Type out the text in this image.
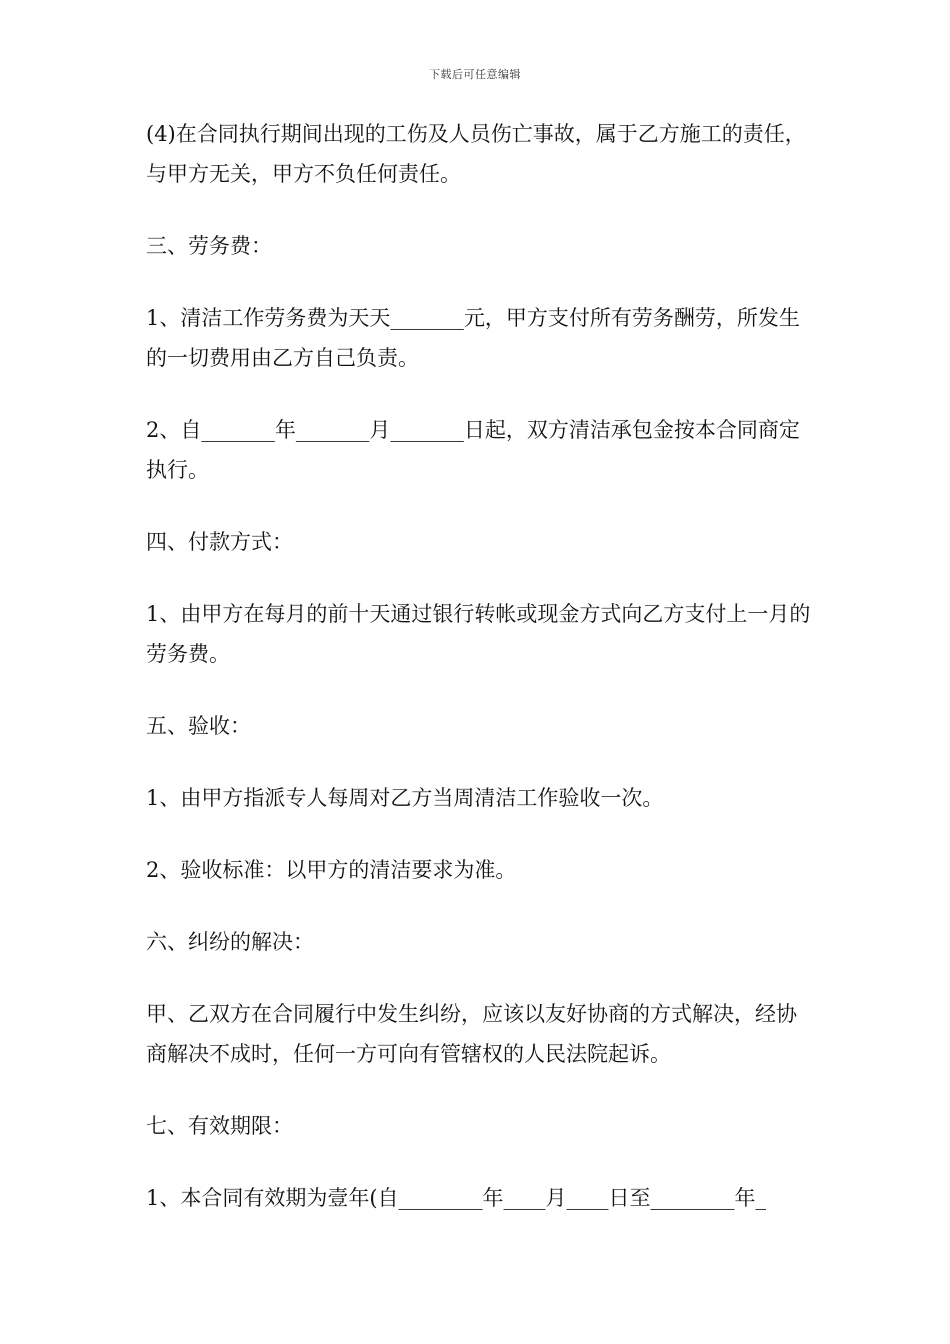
下载后可任意编辑

(4)在合同执行期间出现的工伤及人员伤亡事故，属于乙方施工的责任，与甲方无关，甲方不负任何责任。

三、劳务费：

1、清洁工作劳务费为天天_______元，甲方支付所有劳务酬劳，所发生的一切费用由乙方自己负责。

2、自_______年_______月_______日起，双方清洁承包金按本合同商定执行。

四、付款方式：

1、由甲方在每月的前十天通过银行转帐或现金方式向乙方支付上一月的劳务费。

五、验收：

1、由甲方指派专人每周对乙方当周清洁工作验收一次。

2、验收标准：以甲方的清洁要求为准。

六、纠纷的解决：

甲、乙双方在合同履行中发生纠纷，应该以友好协商的方式解决，经协商解决不成时，任何一方可向有管辖权的人民法院起诉。

七、有效期限：

1、本合同有效期为壹年(自________年____月____日至________年_
